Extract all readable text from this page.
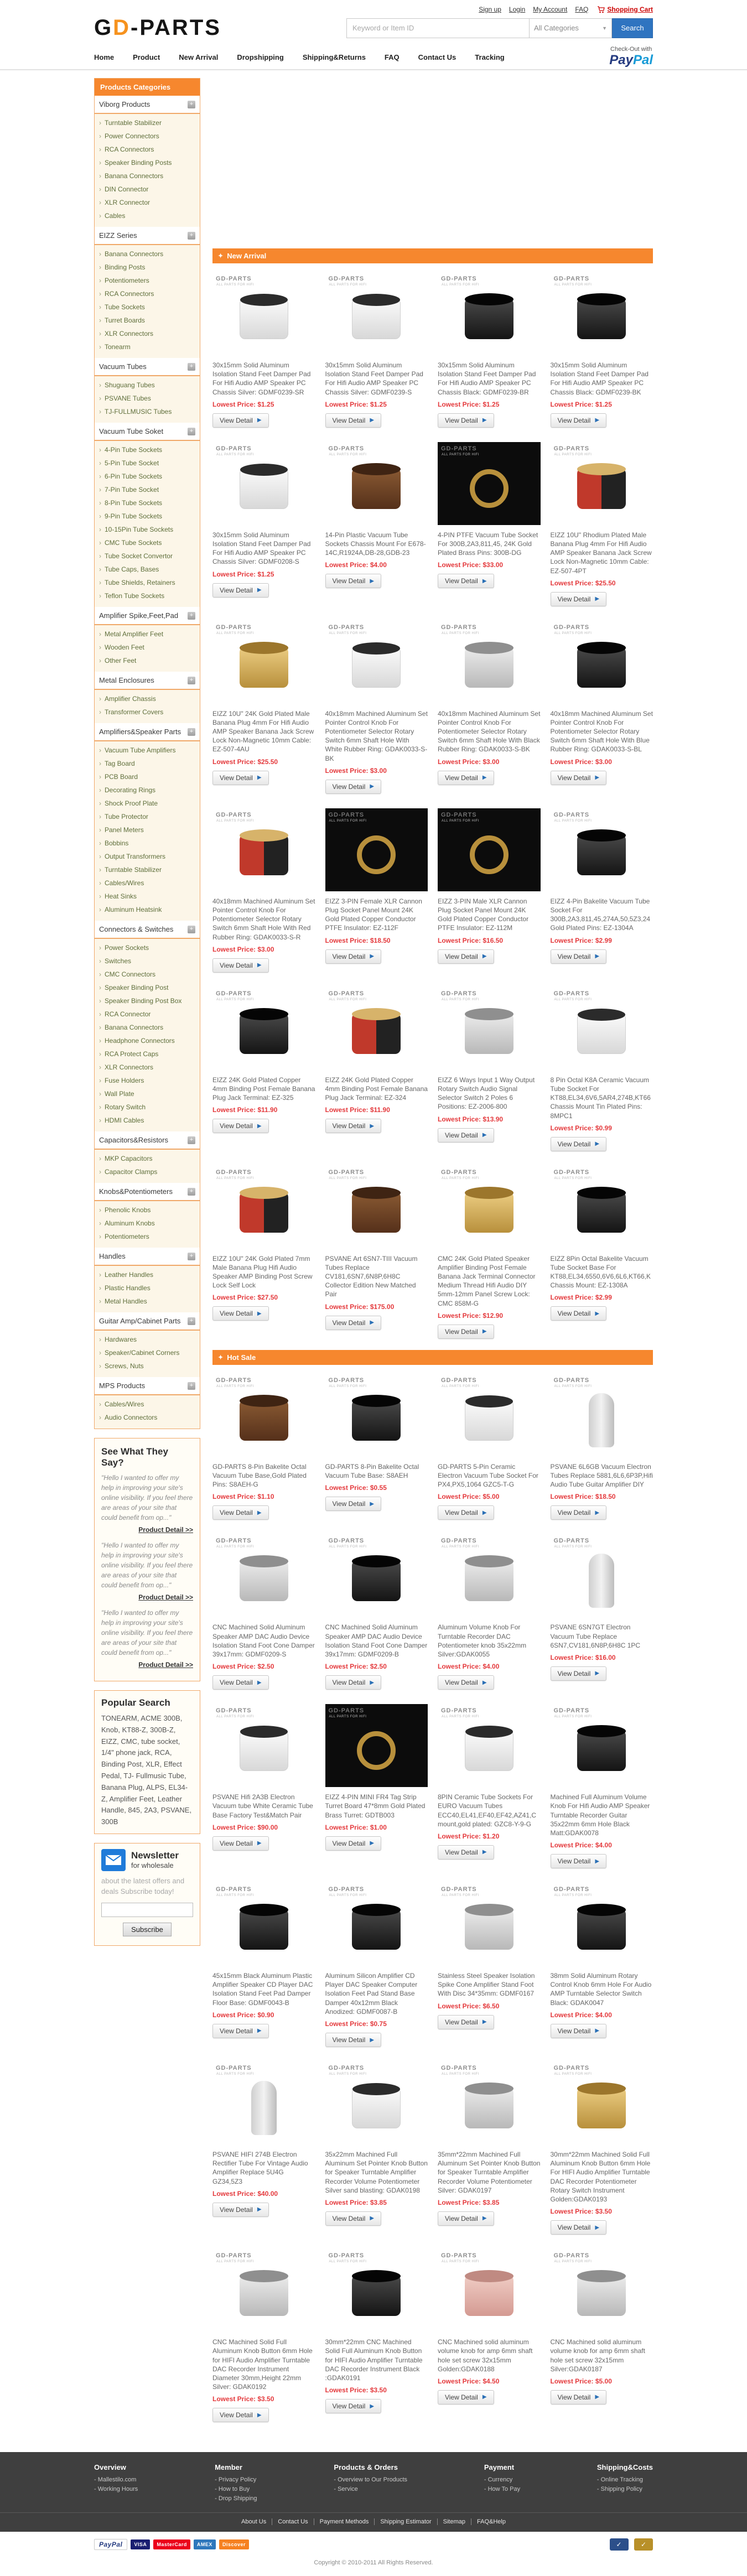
Sign up Login My Account FAQ	Shopping Cart
GD-PARTS
Keyword or Item ID	All Categories	▼	Search
Home	Product	New Arrival	Dropshipping	Shipping&Returns	FAQ	Contact Us	Tracking
Check-Out with
PayPal
Products Categories
Viborg Products	+
› Turntable Stabilizer
› Power Connectors
› RCA Connectors
› Speaker Binding Posts
› Banana Connectors
› DIN Connector
› XLR Connector
› Cables
EIZZ Series	+
› Banana Connectors
› Binding Posts
› Potentiometers
› RCA Connectors
› Tube Sockets
› Turret Boards
› XLR Connectors
› Tonearm
Vacuum Tubes	+
› Shuguang Tubes
› PSVANE Tubes
› TJ-FULLMUSIC Tubes
Vacuum Tube Soket	+
› 4-Pin Tube Sockets
› 5-Pin Tube Socket
› 6-Pin Tube Sockets
› 7-Pin Tube Socket
› 8-Pin Tube Sockets
› 9-Pin Tube Sockets
› 10-15Pin Tube Sockets
› CMC Tube Sockets
› Tube Socket Convertor
› Tube Caps, Bases
› Tube Shields, Retainers
› Teflon Tube Sockets
Amplifier Spike,Feet,Pad	+
› Metal Amplifier Feet
› Wooden Feet
› Other Feet
Metal Enclosures	+
› Amplifier Chassis
› Transformer Covers
Amplifiers&Speaker Parts	+
› Vacuum Tube Amplifiers
› Tag Board
› PCB Board
› Decorating Rings
› Shock Proof Plate
› Tube Protector
› Panel Meters
› Bobbins
› Output Transformers
› Turntable Stabilizer
› Cables/Wires
› Heat Sinks
› Aluminum Heatsink
Connectors & Switches	+
› Power Sockets
› Switches
› CMC Connectors
› Speaker Binding Post
› Speaker Binding Post Box
› RCA Connector
› Banana Connectors
› Headphone Connectors
› RCA Protect Caps
› XLR Connectors
› Fuse Holders
› Wall Plate
› Rotary Switch
› HDMI Cables
Capacitors&Resistors	+
› MKP Capacitors
› Capacitor Clamps
Knobs&Potentiometers	+
› Phenolic Knobs
› Aluminum Knobs
› Potentiometers
Handles	+
› Leather Handles
› Plastic Handles
› Metal Handles
Guitar Amp/Cabinet Parts	+
› Hardwares
› Speaker/Cabinet Corners
› Screws, Nuts
MPS Products	+
› Cables/Wires
› Audio Connectors
See What They Say?
"Hello I wanted to offer my help in improving your site's online visibility. If you feel there are areas of your site that could benefit from op..."
Product Detail >>
"Hello I wanted to offer my help in improving your site's online visibility. If you feel there are areas of your site that could benefit from op..."
Product Detail >>
"Hello I wanted to offer my help in improving your site's online visibility. If you feel there are areas of your site that could benefit from op..."
Product Detail >>
Popular Search
TONEARM, ACME 300B, Knob, KT88-Z, 300B-Z, EIZZ, CMC, tube socket, 1/4" phone jack, RCA, Binding Post, XLR, Effect Pedal, TJ- Fullmusic Tube, Banana Plug, ALPS, EL34-Z, Amplifier Feet, Leather Handle, 845, 2A3, PSVANE, 300B
Newsletter
for wholesale
about the latest offers and deals Subscribe today!
Subscribe
✦ New Arrival
GD-PARTS
ALL PARTS FOR HIFI
30x15mm Solid Aluminum Isolation Stand Feet Damper Pad For Hifi Audio AMP Speaker PC Chassis Silver: GDMF0239-SR
Lowest Price: $1.25
View Detail ▶
GD-PARTS
ALL PARTS FOR HIFI
30x15mm Solid Aluminum Isolation Stand Feet Damper Pad For Hifi Audio AMP Speaker PC Chassis Silver: GDMF0239-S
Lowest Price: $1.25
View Detail ▶
GD-PARTS
ALL PARTS FOR HIFI
30x15mm Solid Aluminum Isolation Stand Feet Damper Pad For Hifi Audio AMP Speaker PC Chassis Black: GDMF0239-BR
Lowest Price: $1.25
View Detail ▶
GD-PARTS
ALL PARTS FOR HIFI
30x15mm Solid Aluminum Isolation Stand Feet Damper Pad For Hifi Audio AMP Speaker PC Chassis Black: GDMF0239-BK
Lowest Price: $1.25
View Detail ▶
GD-PARTS
ALL PARTS FOR HIFI
30x15mm Solid Aluminum Isolation Stand Feet Damper Pad For Hifi Audio AMP Speaker PC Chassis Silver: GDMF0208-S
Lowest Price: $1.25
View Detail ▶
GD-PARTS
ALL PARTS FOR HIFI
14-Pin Plastic Vacuum Tube Sockets Chassis Mount For E678-14C,R1924A,DB-28,GDB-23
Lowest Price: $4.00
View Detail ▶
GD-PARTS
ALL PARTS FOR HIFI
4-PIN PTFE Vacuum Tube Socket For 300B,2A3,811,45, 24K Gold Plated Brass Pins: 300B-DG
Lowest Price: $33.00
View Detail ▶
GD-PARTS
ALL PARTS FOR HIFI
EIZZ 10U" Rhodium Plated Male Banana Plug 4mm For Hifi Audio AMP Speaker Banana Jack Screw Lock Non-Magnetic 10mm Cable: EZ-507-4PT
Lowest Price: $25.50
View Detail ▶
GD-PARTS
ALL PARTS FOR HIFI
EIZZ 10U" 24K Gold Plated Male Banana Plug 4mm For Hifi Audio AMP Speaker Banana Jack Screw Lock Non-Magnetic 10mm Cable: EZ-507-4AU
Lowest Price: $25.50
View Detail ▶
GD-PARTS
ALL PARTS FOR HIFI
40x18mm Machined Aluminum Set Pointer Control Knob For Potentiometer Selector Rotary Switch 6mm Shaft Hole With White Rubber Ring: GDAK0033-S-BK
Lowest Price: $3.00
View Detail ▶
GD-PARTS
ALL PARTS FOR HIFI
40x18mm Machined Aluminum Set Pointer Control Knob For Potentiometer Selector Rotary Switch 6mm Shaft Hole With Black Rubber Ring: GDAK0033-S-BK
Lowest Price: $3.00
View Detail ▶
GD-PARTS
ALL PARTS FOR HIFI
40x18mm Machined Aluminum Set Pointer Control Knob For Potentiometer Selector Rotary Switch 6mm Shaft Hole With Blue Rubber Ring: GDAK0033-S-BL
Lowest Price: $3.00
View Detail ▶
GD-PARTS
ALL PARTS FOR HIFI
40x18mm Machined Aluminum Set Pointer Control Knob For Potentiometer Selector Rotary Switch 6mm Shaft Hole With Red Rubber Ring: GDAK0033-S-R
Lowest Price: $3.00
View Detail ▶
GD-PARTS
ALL PARTS FOR HIFI
EIZZ 3-PIN Female XLR Cannon Plug Socket Panel Mount 24K Gold Plated Copper Conductor PTFE Insulator: EZ-112F
Lowest Price: $18.50
View Detail ▶
GD-PARTS
ALL PARTS FOR HIFI
EIZZ 3-PIN Male XLR Cannon Plug Socket Panel Mount 24K Gold Plated Copper Conductor PTFE Insulator: EZ-112M
Lowest Price: $16.50
View Detail ▶
GD-PARTS
ALL PARTS FOR HIFI
EIZZ 4-Pin Bakelite Vacuum Tube Socket For 300B,2A3,811,45,274A,50,5Z3,24 Gold Plated Pins: EZ-1304A
Lowest Price: $2.99
View Detail ▶
GD-PARTS
ALL PARTS FOR HIFI
EIZZ 24K Gold Plated Copper 4mm Binding Post Female Banana Plug Jack Terminal: EZ-325
Lowest Price: $11.90
View Detail ▶
GD-PARTS
ALL PARTS FOR HIFI
EIZZ 24K Gold Plated Copper 4mm Binding Post Female Banana Plug Jack Terminal: EZ-324
Lowest Price: $11.90
View Detail ▶
GD-PARTS
ALL PARTS FOR HIFI
EIZZ 6 Ways Input 1 Way Output Rotary Switch Audio Signal Selector Switch 2 Poles 6 Positions: EZ-2006-800
Lowest Price: $13.90
View Detail ▶
GD-PARTS
ALL PARTS FOR HIFI
8 Pin Octal K8A Ceramic Vacuum Tube Socket For KT88,EL34,6V6,5AR4,274B,KT66 Chassis Mount Tin Plated Pins: 8MPC1
Lowest Price: $0.99
View Detail ▶
GD-PARTS
ALL PARTS FOR HIFI
EIZZ 10U" 24K Gold Plated 7mm Male Banana Plug Hifi Audio Speaker AMP Binding Post Screw Lock Self Lock
Lowest Price: $27.50
View Detail ▶
GD-PARTS
ALL PARTS FOR HIFI
PSVANE Art 6SN7-TIII Vacuum Tubes Replace CV181,6SN7,6N8P,6H8C Collector Edition New Matched Pair
Lowest Price: $175.00
View Detail ▶
GD-PARTS
ALL PARTS FOR HIFI
CMC 24K Gold Plated Speaker Amplifier Binding Post Female Banana Jack Terminal Connector Medium Thread Hifi Audio DIY 5mm-12mm Panel Screw Lock: CMC 858M-G
Lowest Price: $12.90
View Detail ▶
GD-PARTS
ALL PARTS FOR HIFI
EIZZ 8Pin Octal Bakelite Vacuum Tube Socket Base For KT88,EL34,6550,6V6,6L6,KT66,K Chassis Mount: EZ-1308A
Lowest Price: $2.99
View Detail ▶
✦ Hot Sale
GD-PARTS
ALL PARTS FOR HIFI
GD-PARTS 8-Pin Bakelite Octal Vacuum Tube Base,Gold Plated Pins: S8AEH-G
Lowest Price: $1.10
View Detail ▶
GD-PARTS
ALL PARTS FOR HIFI
GD-PARTS 8-Pin Bakelite Octal Vacuum Tube Base: S8AEH
Lowest Price: $0.55
View Detail ▶
GD-PARTS
ALL PARTS FOR HIFI
GD-PARTS 5-Pin Ceramic Electron Vacuum Tube Socket For PX4,PX5,1064 GZC5-T-G
Lowest Price: $5.00
View Detail ▶
GD-PARTS
ALL PARTS FOR HIFI
PSVANE 6L6GB Vacuum Electron Tubes Replace 5881,6L6,6P3P,Hifi Audio Tube Guitar Amplifier DIY
Lowest Price: $18.50
View Detail ▶
GD-PARTS
ALL PARTS FOR HIFI
CNC Machined Solid Aluminum Speaker AMP DAC Audio Device Isolation Stand Foot Cone Damper 39x17mm: GDMF0209-S
Lowest Price: $2.50
View Detail ▶
GD-PARTS
ALL PARTS FOR HIFI
CNC Machined Solid Aluminum Speaker AMP DAC Audio Device Isolation Stand Foot Cone Damper 39x17mm: GDMF0209-B
Lowest Price: $2.50
View Detail ▶
GD-PARTS
ALL PARTS FOR HIFI
Aluminum Volume Knob For Turntable Recorder DAC Potentiometer knob 35x22mm Silver:GDAK0055
Lowest Price: $4.00
View Detail ▶
GD-PARTS
ALL PARTS FOR HIFI
PSVANE 6SN7GT Electron Vacuum Tube Replace 6SN7,CV181,6N8P,6H8C 1PC
Lowest Price: $16.00
View Detail ▶
GD-PARTS
ALL PARTS FOR HIFI
PSVANE Hifi 2A3B Electron Vacuum tube White Ceramic Tube Base Factory Test&Match Pair
Lowest Price: $90.00
View Detail ▶
GD-PARTS
ALL PARTS FOR HIFI
EIZZ 4-PIN MINI FR4 Tag Strip Turret Board 47*8mm Gold Plated Brass Turret: GDTB003
Lowest Price: $1.00
View Detail ▶
GD-PARTS
ALL PARTS FOR HIFI
8PIN Ceramic Tube Sockets For EURO Vacuum Tubes ECC40,EL41,EF40,EF42,AZ41,C mount,gold plated: GZC8-Y-9-G
Lowest Price: $1.20
View Detail ▶
GD-PARTS
ALL PARTS FOR HIFI
Machined Full Aluminum Volume Knob For Hifi Audio AMP Speaker Turntable Recorder Guitar 35x22mm 6mm Hole Black Matt:GDAK0078
Lowest Price: $4.00
View Detail ▶
GD-PARTS
ALL PARTS FOR HIFI
45x15mm Black Aluminum Plastic Amplifier Speaker CD Player DAC Isolation Stand Feet Pad Damper Floor Base: GDMF0043-B
Lowest Price: $0.90
View Detail ▶
GD-PARTS
ALL PARTS FOR HIFI
Aluminum Silicon Amplifier CD Player DAC Speaker Computer Isolation Feet Pad Stand Base Damper 40x12mm Black Anodized: GDMF0087-B
Lowest Price: $0.75
View Detail ▶
GD-PARTS
ALL PARTS FOR HIFI
Stainless Steel Speaker Isolation Spike Cone Amplifier Stand Foot With Disc 34*35mm: GDMF0167
Lowest Price: $6.50
View Detail ▶
GD-PARTS
ALL PARTS FOR HIFI
38mm Solid Aluminum Rotary Control Knob 6mm Hole For Audio AMP Turntable Selector Switch Black: GDAK0047
Lowest Price: $4.00
View Detail ▶
GD-PARTS
ALL PARTS FOR HIFI
PSVANE HIFI 274B Electron Rectifier Tube For Vintage Audio Amplifier Replace 5U4G GZ34,5Z3
Lowest Price: $40.00
View Detail ▶
GD-PARTS
ALL PARTS FOR HIFI
35x22mm Machined Full Aluminum Set Pointer Knob Button for Speaker Turntable Amplifier Recorder Volume Potentiometer Silver sand blasting: GDAK0198
Lowest Price: $3.85
View Detail ▶
GD-PARTS
ALL PARTS FOR HIFI
35mm*22mm Machined Full Aluminum Set Pointer Knob Button for Speaker Turntable Amplifier Recorder Volume Potentiometer Silver: GDAK0197
Lowest Price: $3.85
View Detail ▶
GD-PARTS
ALL PARTS FOR HIFI
30mm*22mm Machined Solid Full Aluminum Knob Button 6mm Hole For HIFI Audio Amplifier Turntable DAC Recorder Potentiometer Rotary Switch Instrument Golden:GDAK0193
Lowest Price: $3.50
View Detail ▶
GD-PARTS
ALL PARTS FOR HIFI
CNC Machined Solid Full Aluminum Knob Button 6mm Hole for HIFI Audio Amplifier Turntable DAC Recorder Instrument Diameter 30mm,Height 22mm Silver: GDAK0192
Lowest Price: $3.50
View Detail ▶
GD-PARTS
ALL PARTS FOR HIFI
30mm*22mm CNC Machined Solid Full Aluminum Knob Button for HIFI Audio Amplifier Turntable DAC Recorder Instrument Black :GDAK0191
Lowest Price: $3.50
View Detail ▶
GD-PARTS
ALL PARTS FOR HIFI
CNC Machined solid aluminum volume knob for amp 6mm shaft hole set screw 32x15mm Golden:GDAK0188
Lowest Price: $4.50
View Detail ▶
GD-PARTS
ALL PARTS FOR HIFI
CNC Machined solid aluminum volume knob for amp 6mm shaft hole set screw 32x15mm Silver:GDAK0187
Lowest Price: $5.00
View Detail ▶
Overview
- Mallestilo.com
- Working Hours
Member
- Privacy Policy
- How to Buy
- Drop Shipping
Products & Orders
- Overview to Our Products
- Service
Payment
- Currency
- How To Pay
Shipping&Costs
- Online Tracking
- Shipping Policy
About Us Contact Us Payment Methods Shipping Estimator Sitemap FAQ&Help
PayPal	VISA	MasterCard	AMEX	Discover	✓	✓
Copyright © 2010-2011 All Rights Reserved.
